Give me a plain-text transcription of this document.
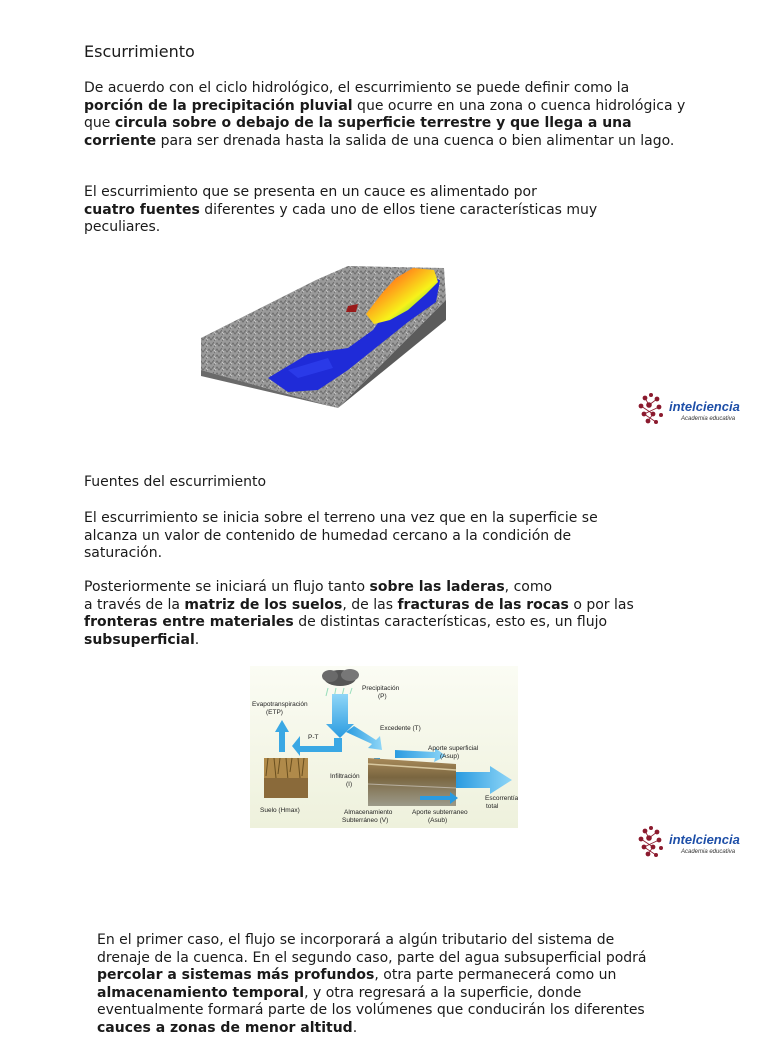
Escurrimiento

De acuerdo con el ciclo hidrológico, el escurrimiento se puede definir como la
porción de la precipitación pluvial que ocurre en una zona o cuenca hidrológica y que circula sobre o debajo de la superficie terrestre y que llega a una corriente para ser drenada hasta la salida de una cuenca o bien alimentar un lago.

El escurrimiento que se presenta en un cauce es alimentado por
cuatro fuentes diferentes y cada uno de ellos tiene características muy peculiares.

intelciencia
Academia educativa
Fuentes del escurrimiento

El escurrimiento se inicia sobre el terreno una vez que en la superficie se alcanza un valor de contenido de humedad cercano a la condición de saturación.

Posteriormente se iniciará un flujo tanto sobre las laderas, como
a través de la matriz de los suelos, de las fracturas de las rocas o por las fronteras entre materiales de distintas características, esto es, un flujo subsuperficial.

Precipitación
(P)
Evapotranspiración
(ETP)
P-T
Excedente (T)
Aporte superficial
(Asup)
Infiltración
(I)
Escorrentía
total
Suelo (Hmax)	Almacenamiento
Subterráneo (V)
Aporte subterraneo
(Asub)
intelciencia
Academia educativa

En el primer caso, el flujo se incorporará a algún tributario del sistema de drenaje de la cuenca. En el segundo caso, parte del agua subsuperficial podrá percolar a sistemas más profundos, otra parte permanecerá como un almacenamiento temporal, y otra regresará a la superficie, donde eventualmente formará parte de los volúmenes que conducirán los diferentes cauces a zonas de menor altitud.
